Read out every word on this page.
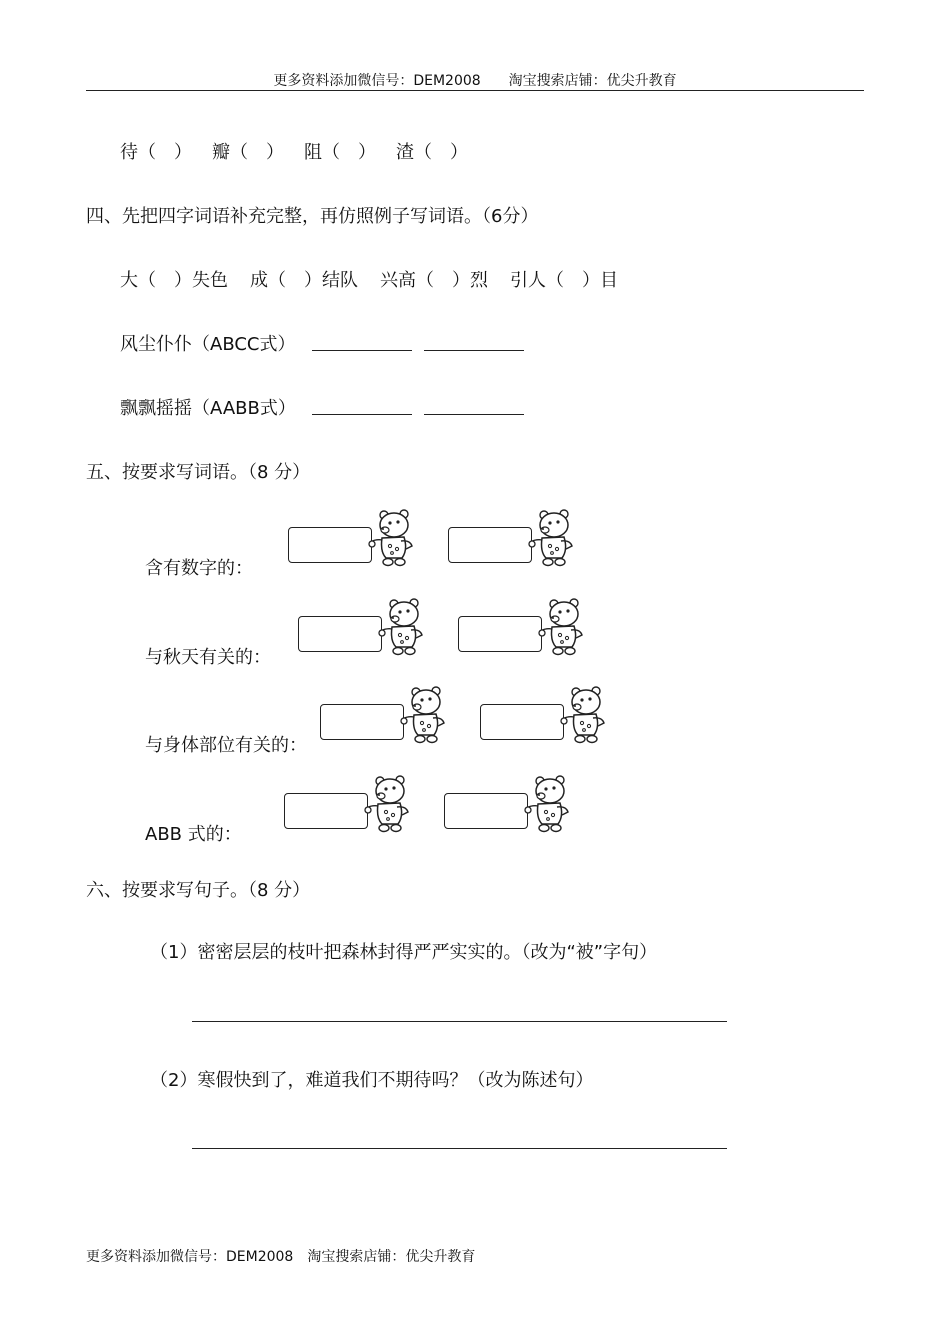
更多资料添加微信号：DEM2008　　淘宝搜索店铺：优尖升教育
待（　） 瓣（　） 阻（　） 渣（　）
四、先把四字词语补充完整，再仿照例子写词语。（6分）
大（　）失色 成（　）结队 兴高（　）烈 引人（　）目
风尘仆仆（ABCC式）
飘飘摇摇（AABB式）
五、按要求写词语。（8 分）
含有数字的：
与秋天有关的：
与身体部位有关的：
ABB 式的：
六、按要求写句子。（8 分）
（1）密密层层的枝叶把森林封得严严实实的。（改为“被”字句）
（2）寒假快到了，难道我们不期待吗？（改为陈述句）
更多资料添加微信号：DEM2008　淘宝搜索店铺：优尖升教育
